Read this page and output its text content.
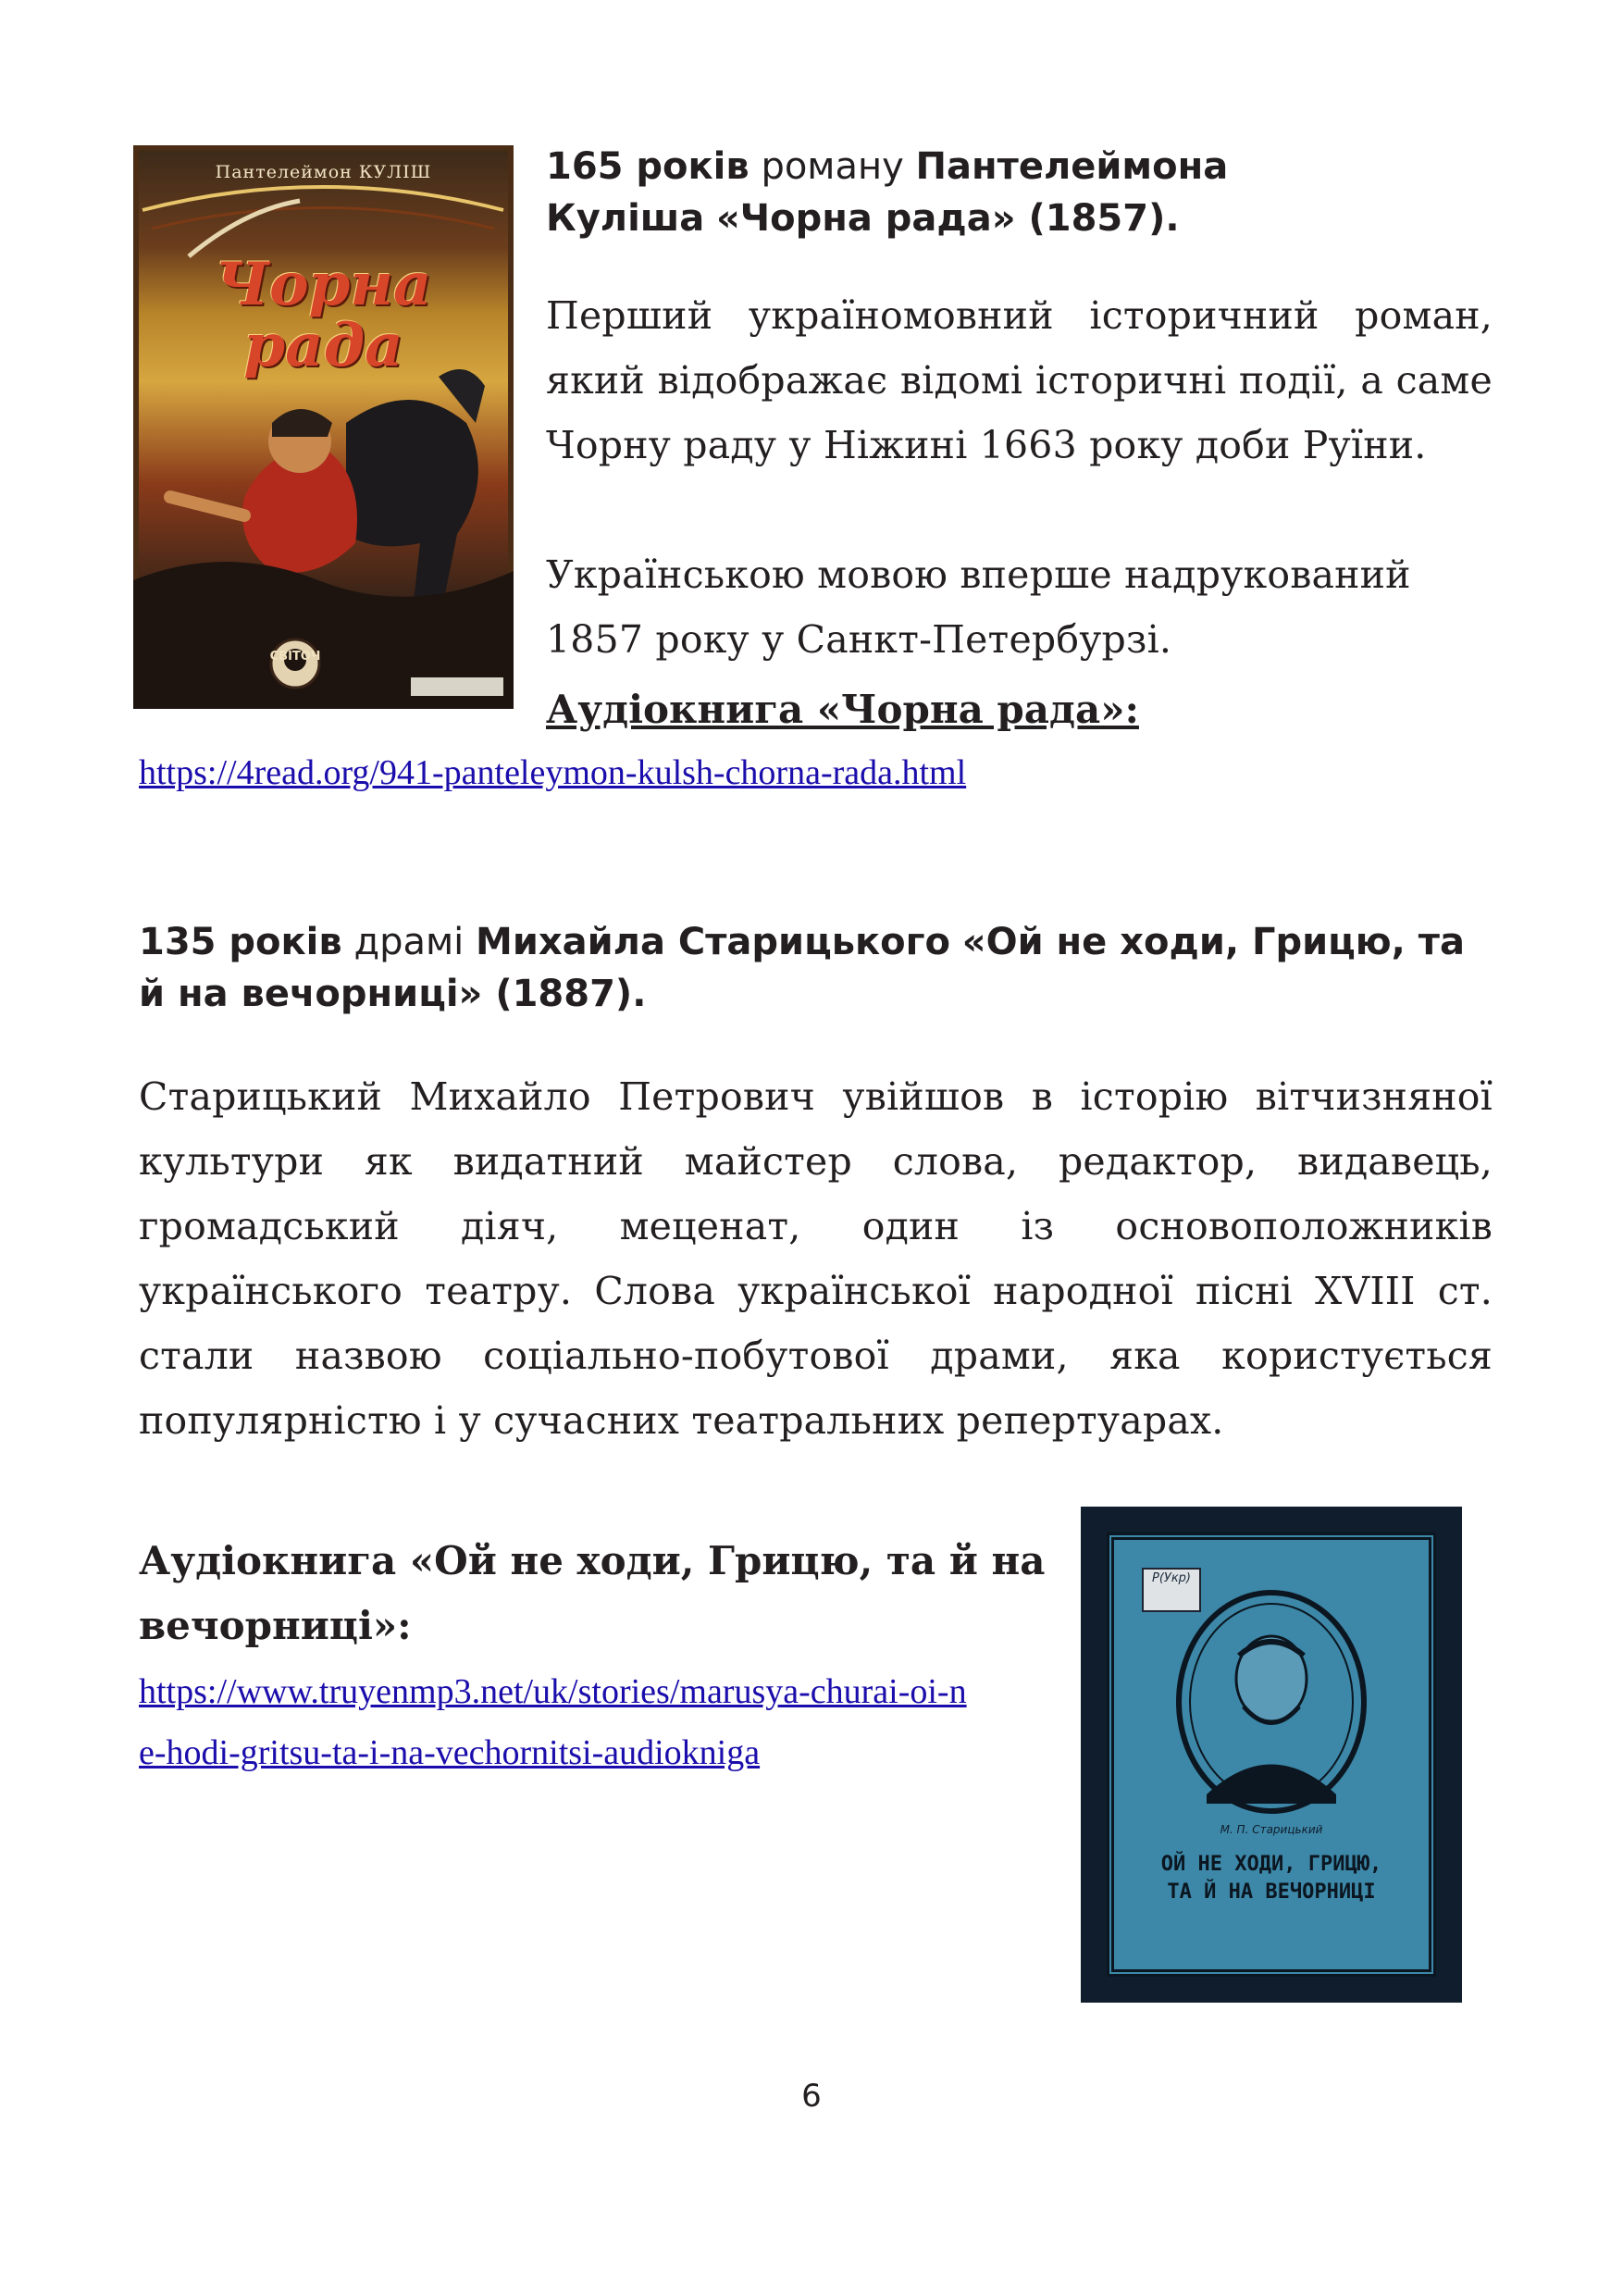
Пантелеймон КУЛІШ
Чорна
рада
СВІТОЧ
165 років роману Пантелеймона Куліша «Чорна рада» (1857).
Перший україномовний історичний роман, який відображає відомі історичні події, а саме Чорну раду у Ніжині 1663 року доби Руїни.
Українською мовою вперше надрукований 1857 року у Санкт-Петербурзі.
Аудіокнига «Чорна рада»:
https://4read.org/941-panteleymon-kulsh-chorna-rada.html
135 років драмі Михайла Старицького «Ой не ходи, Грицю, та й на вечорниці» (1887).
Старицький Михайло Петрович увійшов в історію вітчизняної культури як видатний майстер слова, редактор, видавець, громадський діяч, меценат, один із основоположників українського театру. Слова української народної пісні XVIII ст. стали назвою соціально-побутової драми, яка користується популярністю і у сучасних театральних репертуарах.
Аудіокнига «Ой не ходи, Грицю, та й на вечорниці»:
https://www.truyenmp3.net/uk/stories/marusya-churai-oi-ne-hodi-gritsu-ta-i-na-vechornitsi-audiokniga
Р(Укр)
М. П. Старицький
ОЙ НЕ ХОДИ, ГРИЦЮ,
ТА Й НА ВЕЧОРНИЦІ
6
